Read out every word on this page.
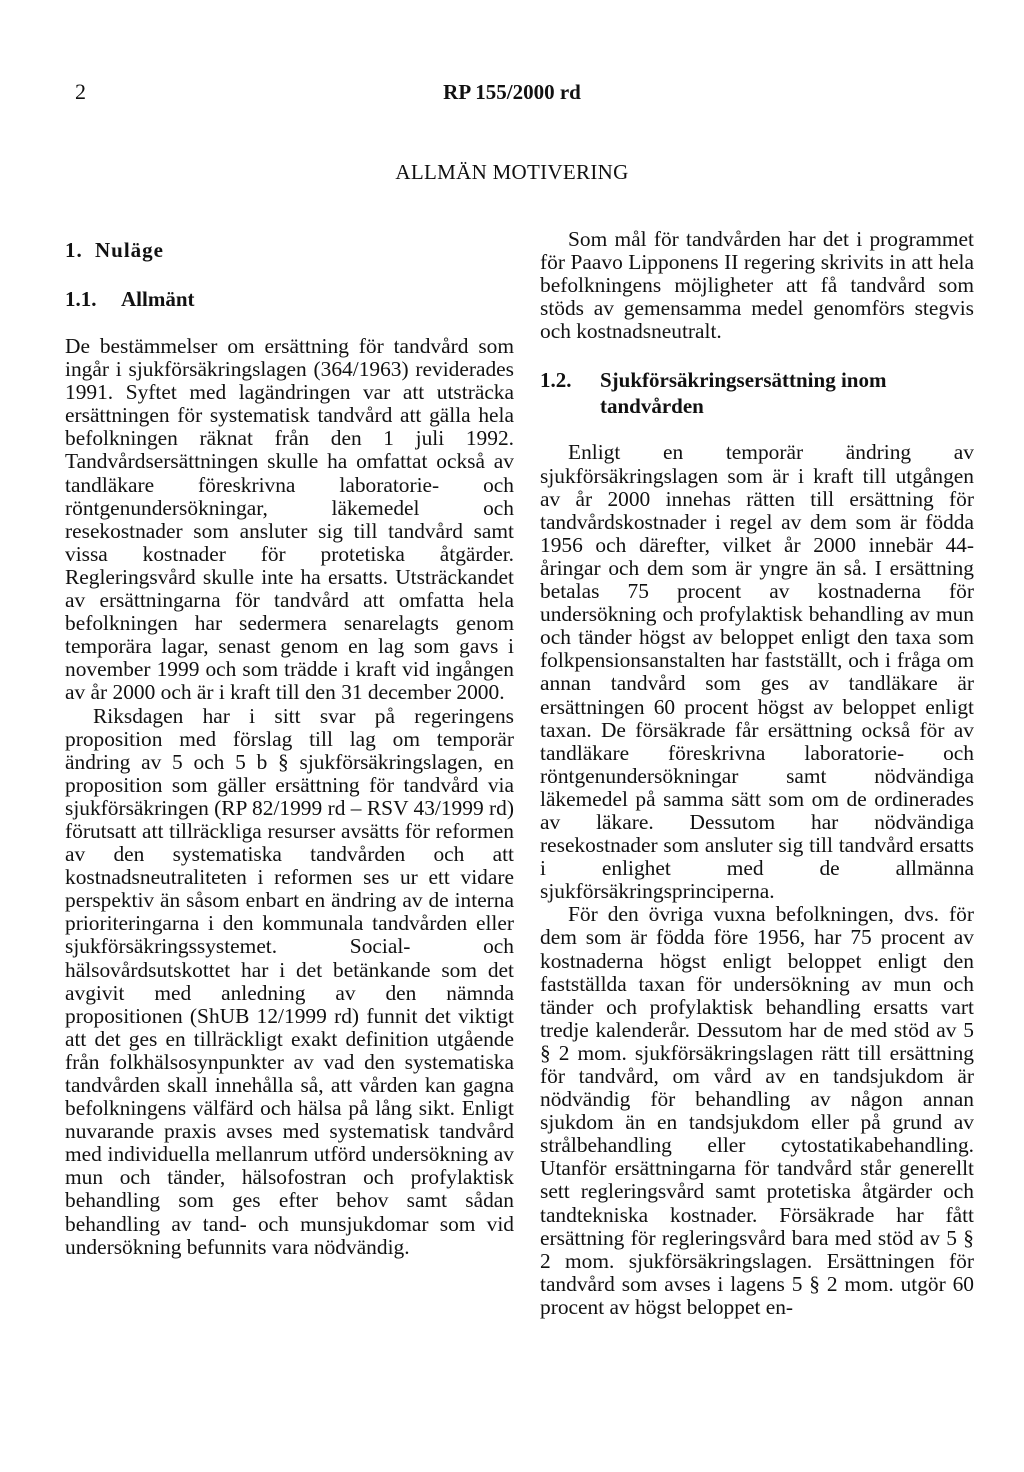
2	RP 155/2000 rd
ALLMÄN MOTIVERING
1. Nuläge
1.1. Allmänt

De bestämmelser om ersättning för tandvård som ingår i sjukförsäkringslagen (364/1963) reviderades 1991. Syftet med lagändringen var att utsträcka ersättningen för systematisk tandvård att gälla hela befolkningen räknat från den 1 juli 1992. Tandvårdsersättningen skulle ha omfattat också av tandläkare föreskrivna laboratorie- och röntgenundersökningar, läkemedel och resekostnader som ansluter sig till tandvård samt vissa kostnader för protetiska åtgärder. Regleringsvård skulle inte ha ersatts. Utsträckandet av ersättningarna för tandvård att omfatta hela befolkningen har sedermera senarelagts genom temporära lagar, senast genom en lag som gavs i november 1999 och som trädde i kraft vid ingången av år 2000 och är i kraft till den 31 december 2000.

Riksdagen har i sitt svar på regeringens proposition med förslag till lag om temporär ändring av 5 och 5 b § sjukförsäkringslagen, en proposition som gäller ersättning för tandvård via sjukförsäkringen (RP 82/1999 rd – RSV 43/1999 rd) förutsatt att tillräckliga resurser avsätts för reformen av den systematiska tandvården och att kostnadsneutraliteten i reformen ses ur ett vidare perspektiv än såsom enbart en ändring av de interna prioriteringarna i den kommunala tandvården eller sjukförsäkringssystemet. Social- och hälsovårdsutskottet har i det betänkande som det avgivit med anledning av den nämnda propositionen (ShUB 12/1999 rd) funnit det viktigt att det ges en tillräckligt exakt definition utgående från folkhälsosynpunkter av vad den systematiska tandvården skall innehålla så, att vården kan gagna befolkningens välfärd och hälsa på lång sikt. Enligt nuvarande praxis avses med systematisk tandvård med individuella mellanrum utförd undersökning av mun och tänder, hälsofostran och profylaktisk behandling som ges efter behov samt sådan behandling av tand- och munsjukdomar som vid undersökning befunnits vara nödvändig.

Som mål för tandvården har det i programmet för Paavo Lipponens II regering skrivits in att hela befolkningens möjligheter att få tandvård som stöds av gemensamma medel genomförs stegvis och kostnadsneutralt.

1.2.	Sjukförsäkringsersättning inom tandvården

Enligt en temporär ändring av sjukförsäkringslagen som är i kraft till utgången av år 2000 innehas rätten till ersättning för tandvårdskostnader i regel av dem som är födda 1956 och därefter, vilket år 2000 innebär 44-åringar och dem som är yngre än så. I ersättning betalas 75 procent av kostnaderna för undersökning och profylaktisk behandling av mun och tänder högst av beloppet enligt den taxa som folkpensionsanstalten har fastställt, och i fråga om annan tandvård som ges av tandläkare är ersättningen 60 procent högst av beloppet enligt taxan. De försäkrade får ersättning också för av tandläkare föreskrivna laboratorie- och röntgenundersökningar samt nödvändiga läkemedel på samma sätt som om de ordinerades av läkare. Dessutom har nödvändiga resekostnader som ansluter sig till tandvård ersatts i enlighet med de allmänna sjukförsäkringsprinciperna.

För den övriga vuxna befolkningen, dvs. för dem som är födda före 1956, har 75 procent av kostnaderna högst enligt beloppet enligt den fastställda taxan för undersökning av mun och tänder och profylaktisk behandling ersatts vart tredje kalenderår. Dessutom har de med stöd av 5 § 2 mom. sjukförsäkringslagen rätt till ersättning för tandvård, om vård av en tandsjukdom är nödvändig för behandling av någon annan sjukdom än en tandsjukdom eller på grund av strålbehandling eller cytostatikabehandling. Utanför ersättningarna för tandvård står generellt sett regleringsvård samt protetiska åtgärder och tandtekniska kostnader. Försäkrade har fått ersättning för regleringsvård bara med stöd av 5 § 2 mom. sjukförsäkringslagen. Ersättningen för tandvård som avses i lagens 5 § 2 mom. utgör 60 procent av högst beloppet en-
